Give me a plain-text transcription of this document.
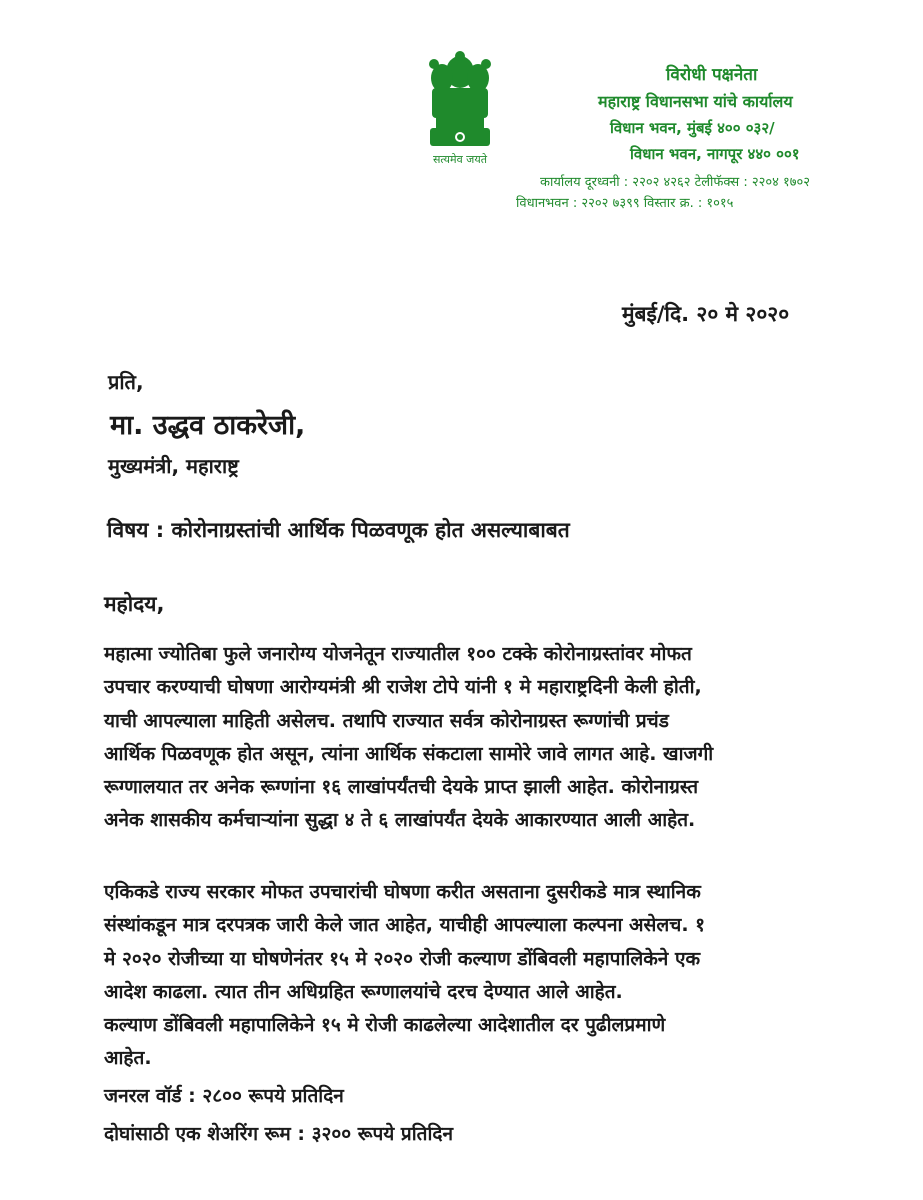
सत्यमेव जयते
विरोधी पक्षनेता
महाराष्ट्र विधानसभा यांचे कार्यालय
विधान भवन, मुंबई ४०० ०३२/
विधान भवन, नागपूर ४४० ००१
कार्यालय दूरध्वनी : २२०२ ४२६२ टेलीफॅक्स : २२०४ १७०२
विधानभवन : २२०२ ७३९९ विस्तार क्र. : १०१५
मुंबई/दि. २० मे २०२०
प्रति,
मा. उद्धव ठाकरेजी,
मुख्यमंत्री, महाराष्ट्र
विषय : कोरोनाग्रस्तांची आर्थिक पिळवणूक होत असल्याबाबत
महोदय,
महात्मा ज्योतिबा फुले जनारोग्य योजनेतून राज्यातील १०० टक्के कोरोनाग्रस्तांवर मोफत
उपचार करण्याची घोषणा आरोग्यमंत्री श्री राजेश टोपे यांनी १ मे महाराष्ट्रदिनी केली होती,
याची आपल्याला माहिती असेलच. तथापि राज्यात सर्वत्र कोरोनाग्रस्त रूग्णांची प्रचंड
आर्थिक पिळवणूक होत असून, त्यांना आर्थिक संकटाला सामोरे जावे लागत आहे. खाजगी
रूग्णालयात तर अनेक रूग्णांना १६ लाखांपर्यंतची देयके प्राप्त झाली आहेत. कोरोनाग्रस्त
अनेक शासकीय कर्मचाऱ्यांना सुद्धा ४ ते ६ लाखांपर्यंत देयके आकारण्यात आली आहेत.
एकिकडे राज्य सरकार मोफत उपचारांची घोषणा करीत असताना दुसरीकडे मात्र स्थानिक
संस्थांकडून मात्र दरपत्रक जारी केले जात आहेत, याचीही आपल्याला कल्पना असेलच. १
मे २०२० रोजीच्या या घोषणेनंतर १५ मे २०२० रोजी कल्याण डोंबिवली महापालिकेने एक
आदेश काढला. त्यात तीन अधिग्रहित रूग्णालयांचे दरच देण्यात आले आहेत.
कल्याण डोंबिवली महापालिकेने १५ मे रोजी काढलेल्या आदेशातील दर पुढीलप्रमाणे
आहेत.
जनरल वॉर्ड : २८०० रूपये प्रतिदिन
दोघांसाठी एक शेअरिंग रूम : ३२०० रूपये प्रतिदिन
